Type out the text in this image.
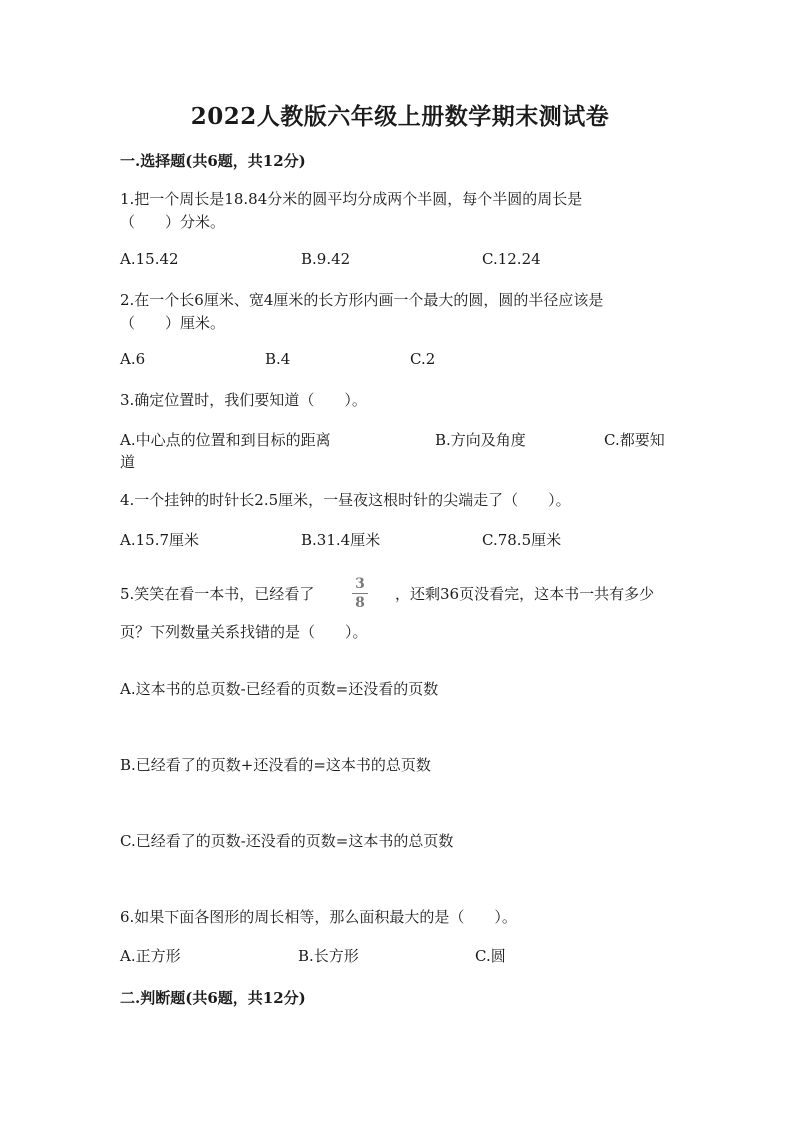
2022人教版六年级上册数学期末测试卷
一.选择题(共6题，共12分)
1.把一个周长是18.84分米的圆平均分成两个半圆，每个半圆的周长是
（　　）分米。
A.15.42	B.9.42	C.12.24
2.在一个长6厘米、宽4厘米的长方形内画一个最大的圆，圆的半径应该是
（　　）厘米。
A.6	B.4	C.2
3.确定位置时，我们要知道（　　）。
A.中心点的位置和到目标的距离	B.方向及角度	C.都要知
道
4.一个挂钟的时针长2.5厘米，一昼夜这根时针的尖端走了（　　）。
A.15.7厘米	B.31.4厘米	C.78.5厘米
5.笑笑在看一本书，已经看了
3
8	，还剩36页没看完，这本书一共有多少
页？下列数量关系找错的是（　　）。
A.这本书的总页数-已经看的页数=还没看的页数
B.已经看了的页数+还没看的=这本书的总页数
C.已经看了的页数-还没看的页数=这本书的总页数
6.如果下面各图形的周长相等，那么面积最大的是（　　）。
A.正方形	B.长方形	C.圆
二.判断题(共6题，共12分)
